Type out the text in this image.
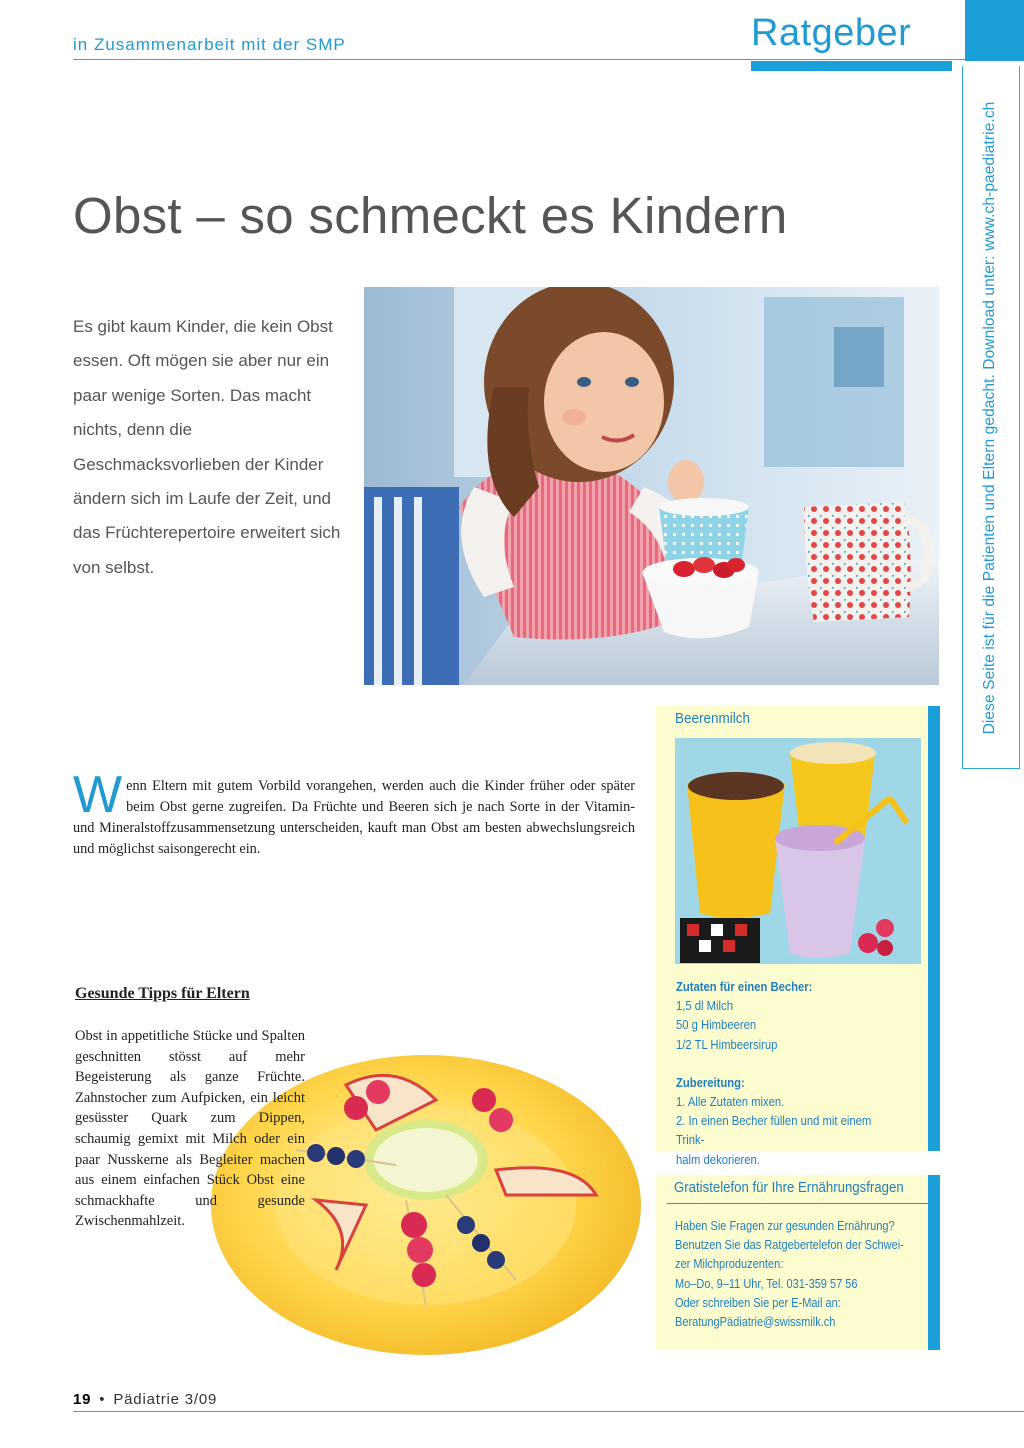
in Zusammenarbeit mit der SMP	Ratgeber
Diese Seite ist für die Patienten und Eltern gedacht. Download unter: www.ch-paediatrie.ch
Obst – so schmeckt es Kindern

Es gibt kaum Kinder, die kein Obst essen. Oft mögen sie aber nur ein paar wenige Sorten. Das macht nichts, denn die Geschmacksvorlieben der Kinder ändern sich im Laufe der Zeit, und das Früchterepertoire erweitert sich von selbst.

Wenn Eltern mit gutem Vorbild vorangehen, werden auch die Kinder früher oder später beim Obst gerne zugreifen. Da Früchte und Beeren sich je nach Sorte in der Vitamin- und Mineralstoffzusammensetzung unterscheiden, kauft man Obst am besten abwechslungsreich und möglichst saisongerecht ein.

Gesunde Tipps für Eltern

Obst in appetitliche Stücke und Spalten geschnitten stösst auf mehr Begeisterung als ganze Früchte. Zahnstocher zum Aufpicken, ein leicht gesüsster Quark zum Dippen, schaumig gemixt mit Milch oder ein paar Nusskerne als Begleiter machen aus einem einfachen Stück Obst eine schmackhafte und gesunde Zwischenmahlzeit.

Beerenmilch
Zutaten für einen Becher:
1,5 dl Milch
50 g Himbeeren
1/2 TL Himbeersirup
Zubereitung:
1. Alle Zutaten mixen.
2. In einen Becher füllen und mit einem Trink-
halm dekorieren.
Gratistelefon für Ihre Ernährungsfragen
Haben Sie Fragen zur gesunden Ernährung?
Benutzen Sie das Ratgebertelefon der Schwei-
zer Milchproduzenten:
Mo–Do, 9–11 Uhr, Tel. 031-359 57 56
Oder schreiben Sie per E-Mail an:
BeratungPädiatrie@swissmilk.ch
19 • Pädiatrie 3/09
